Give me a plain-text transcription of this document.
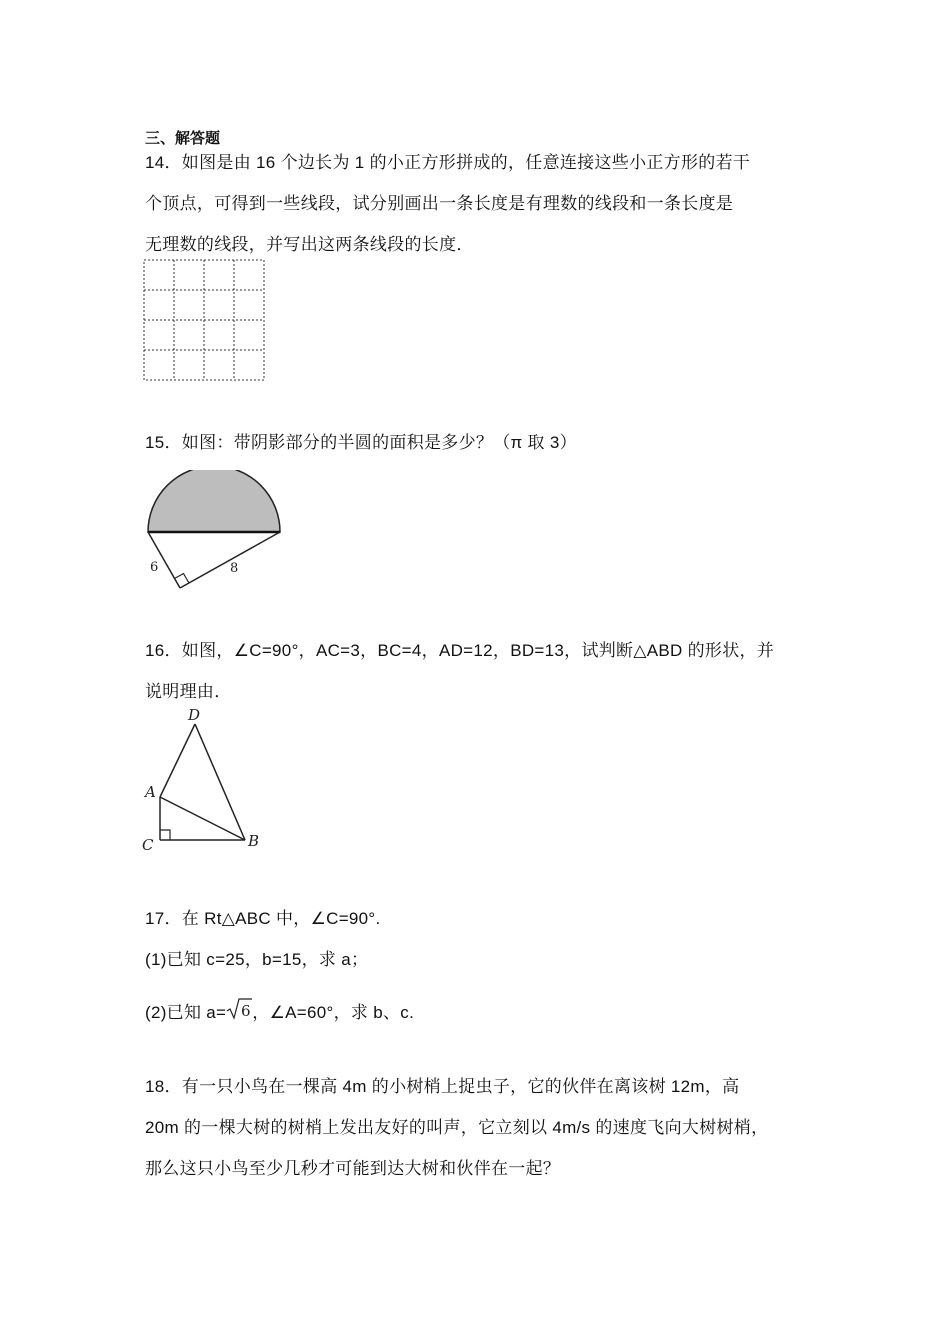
三、解答题
14．如图是由 16 个边长为 1 的小正方形拼成的，任意连接这些小正方形的若干
个顶点，可得到一些线段，试分别画出一条长度是有理数的线段和一条长度是
无理数的线段，并写出这两条线段的长度．
15．如图：带阴影部分的半圆的面积是多少？（π 取 3）
6	8
16．如图，∠C=90°，AC=3，BC=4，AD=12，BD=13，试判断△ABD 的形状，并
说明理由．
D
A
C	B
17．在 Rt△ABC 中，∠C=90°.
(1)已知 c=25，b=15，求 a；
(2)已知 a= 6 ，∠A=60°，求 b、c.
18．有一只小鸟在一棵高 4m 的小树梢上捉虫子，它的伙伴在离该树 12m，高
20m 的一棵大树的树梢上发出友好的叫声，它立刻以 4m/s 的速度飞向大树树梢，
那么这只小鸟至少几秒才可能到达大树和伙伴在一起？
